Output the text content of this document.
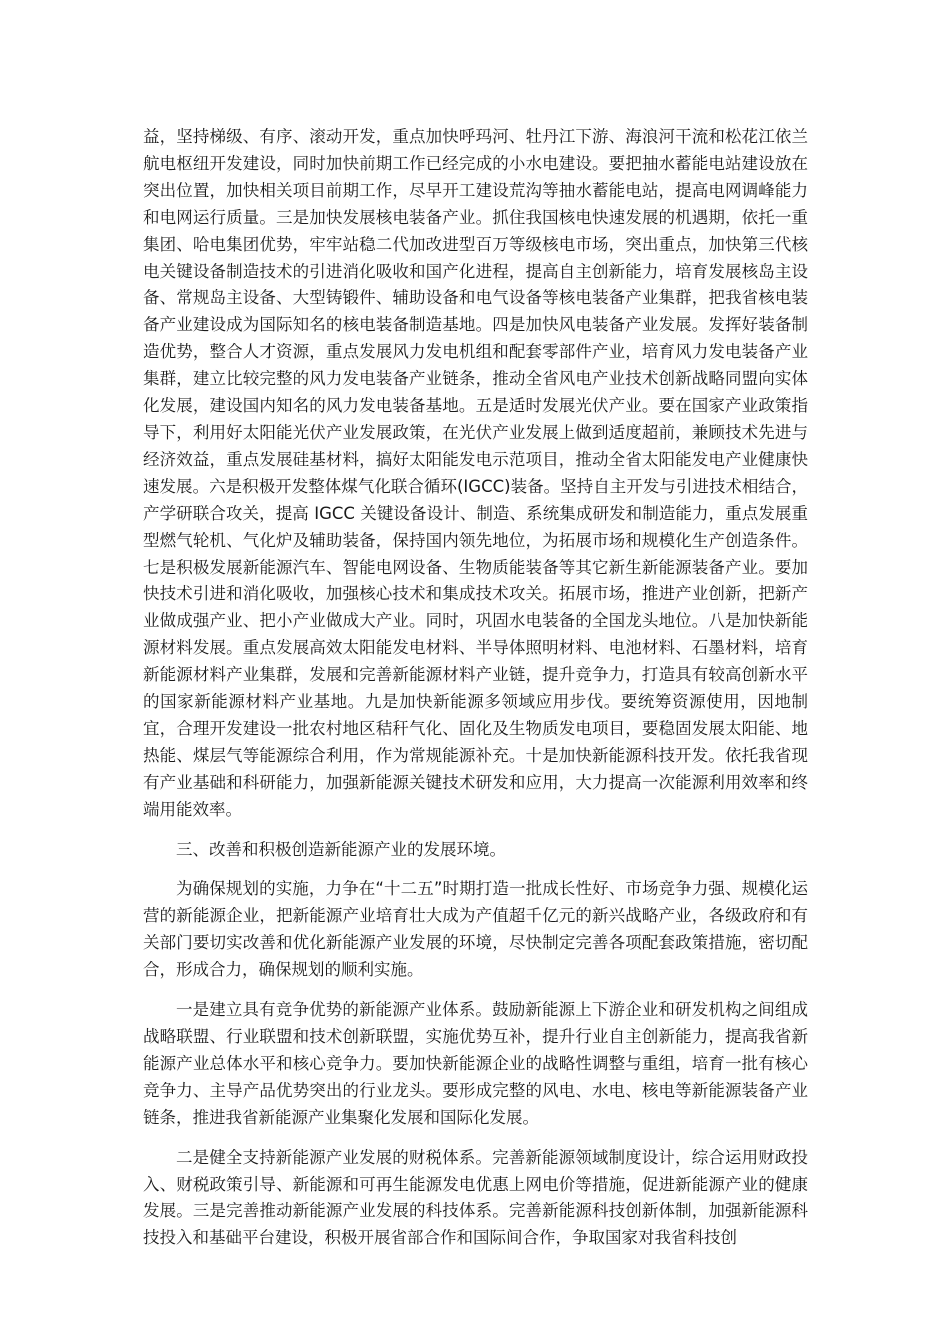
益，坚持梯级、有序、滚动开发，重点加快呼玛河、牡丹江下游、海浪河干流和松花江依兰航电枢纽开发建设，同时加快前期工作已经完成的小水电建设。要把抽水蓄能电站建设放在突出位置，加快相关项目前期工作，尽早开工建设荒沟等抽水蓄能电站，提高电网调峰能力和电网运行质量。三是加快发展核电装备产业。抓住我国核电快速发展的机遇期，依托一重集团、哈电集团优势，牢牢站稳二代加改进型百万等级核电市场，突出重点，加快第三代核电关键设备制造技术的引进消化吸收和国产化进程，提高自主创新能力，培育发展核岛主设备、常规岛主设备、大型铸锻件、辅助设备和电气设备等核电装备产业集群，把我省核电装备产业建设成为国际知名的核电装备制造基地。四是加快风电装备产业发展。发挥好装备制造优势，整合人才资源，重点发展风力发电机组和配套零部件产业，培育风力发电装备产业集群，建立比较完整的风力发电装备产业链条，推动全省风电产业技术创新战略同盟向实体化发展，建设国内知名的风力发电装备基地。五是适时发展光伏产业。要在国家产业政策指导下，利用好太阳能光伏产业发展政策，在光伏产业发展上做到适度超前，兼顾技术先进与经济效益，重点发展硅基材料，搞好太阳能发电示范项目，推动全省太阳能发电产业健康快速发展。六是积极开发整体煤气化联合循环(IGCC)装备。坚持自主开发与引进技术相结合，产学研联合攻关，提高 IGCC 关键设备设计、制造、系统集成研发和制造能力，重点发展重型燃气轮机、气化炉及辅助装备，保持国内领先地位，为拓展市场和规模化生产创造条件。七是积极发展新能源汽车、智能电网设备、生物质能装备等其它新生新能源装备产业。要加快技术引进和消化吸收，加强核心技术和集成技术攻关。拓展市场，推进产业创新，把新产业做成强产业、把小产业做成大产业。同时，巩固水电装备的全国龙头地位。八是加快新能源材料发展。重点发展高效太阳能发电材料、半导体照明材料、电池材料、石墨材料，培育新能源材料产业集群，发展和完善新能源材料产业链，提升竞争力，打造具有较高创新水平的国家新能源材料产业基地。九是加快新能源多领域应用步伐。要统筹资源使用，因地制宜，合理开发建设一批农村地区秸秆气化、固化及生物质发电项目，要稳固发展太阳能、地热能、煤层气等能源综合利用，作为常规能源补充。十是加快新能源科技开发。依托我省现有产业基础和科研能力，加强新能源关键技术研发和应用，大力提高一次能源利用效率和终端用能效率。

三、改善和积极创造新能源产业的发展环境。

为确保规划的实施，力争在“十二五”时期打造一批成长性好、市场竞争力强、规模化运营的新能源企业，把新能源产业培育壮大成为产值超千亿元的新兴战略产业，各级政府和有关部门要切实改善和优化新能源产业发展的环境，尽快制定完善各项配套政策措施，密切配合，形成合力，确保规划的顺利实施。

一是建立具有竞争优势的新能源产业体系。鼓励新能源上下游企业和研发机构之间组成战略联盟、行业联盟和技术创新联盟，实施优势互补，提升行业自主创新能力，提高我省新能源产业总体水平和核心竞争力。要加快新能源企业的战略性调整与重组，培育一批有核心竞争力、主导产品优势突出的行业龙头。要形成完整的风电、水电、核电等新能源装备产业链条，推进我省新能源产业集聚化发展和国际化发展。

二是健全支持新能源产业发展的财税体系。完善新能源领域制度设计，综合运用财政投入、财税政策引导、新能源和可再生能源发电优惠上网电价等措施，促进新能源产业的健康发展。三是完善推动新能源产业发展的科技体系。完善新能源科技创新体制，加强新能源科技投入和基础平台建设，积极开展省部合作和国际间合作，争取国家对我省科技创
